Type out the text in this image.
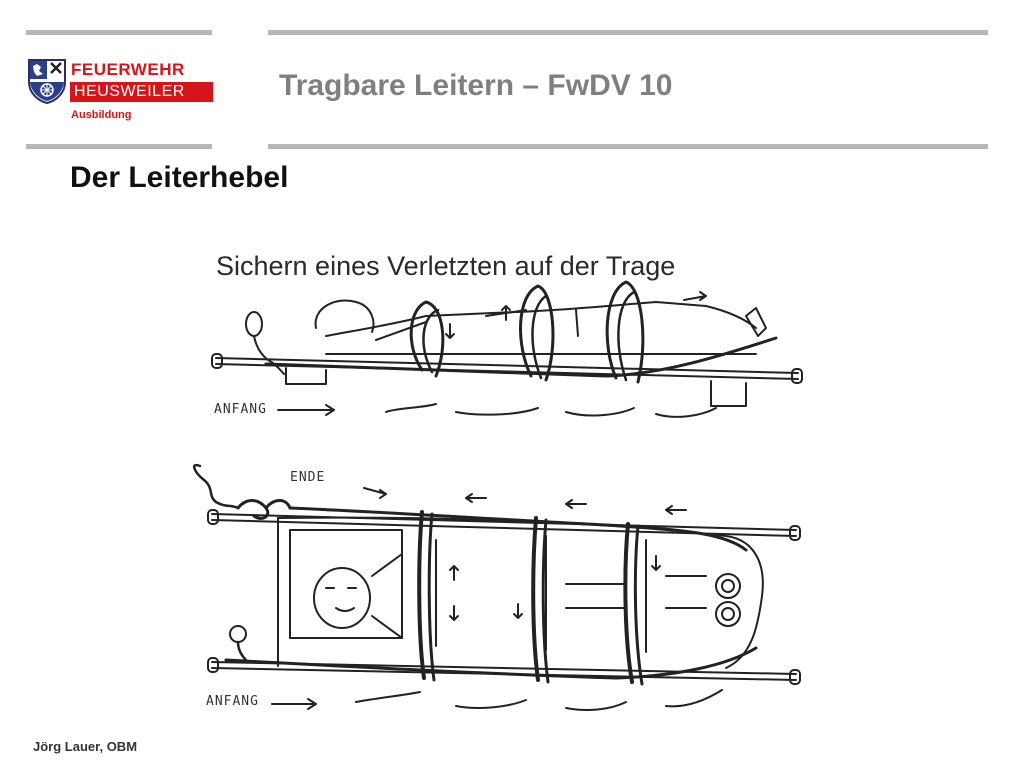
FEUERWEHR
HEUSWEILER
Ausbildung
Tragbare Leitern – FwDV 10
Der Leiterhebel
Sichern eines Verletzten auf der Trage
ANFANG
ENDE
ANFANG
Jörg Lauer, OBM
